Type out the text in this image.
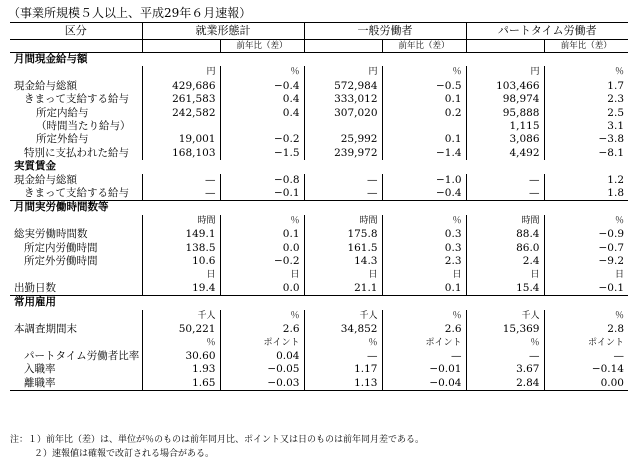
（事業所規模５人以上、平成29年６月速報）
区分	就業形態計		一般労働者		パートタイム労働者	
		前年比（差）		前年比（差）		前年比（差）
月間現金給与額						
	円	％	円	％	円	％
現金給与総額	429,686	−0.4	572,984	−0.5	103,466	1.7
きまって支給する給与	261,583	0.4	333,012	0.1	98,974	2.3
所定内給与	242,582	0.4	307,020	0.2	95,888	2.5
（時間当たり給与）					1,115	3.1
所定外給与	19,001	−0.2	25,992	0.1	3,086	−3.8
特別に支払われた給与	168,103	−1.5	239,972	−1.4	4,492	−8.1
実質賃金						
現金給与総額	—	−0.8	—	−1.0	—	1.2
きまって支給する給与	—	−0.1	—	−0.4	—	1.8
月間実労働時間数等						
	時間	％	時間	％	時間	％
総実労働時間数	149.1	0.1	175.8	0.3	88.4	−0.9
所定内労働時間	138.5	0.0	161.5	0.3	86.0	−0.7
所定外労働時間	10.6	−0.2	14.3	2.3	2.4	−9.2
	日	日	日	日	日	日
出勤日数	19.4	0.0	21.1	0.1	15.4	−0.1
常用雇用						
	千人	％	千人	％	千人	％
本調査期間末	50,221	2.6	34,852	2.6	15,369	2.8
	％	ポイント	％	ポイント	％	ポイント
パートタイム労働者比率	30.60	0.04	—	—	—	—
入職率	1.93	−0.05	1.17	−0.01	3.67	−0.14
離職率	1.65	−0.03	1.13	−0.04	2.84	0.00
注：１）前年比（差）は、単位が％のものは前年同月比、ポイント又は日のものは前年同月差である。
２）速報値は確報で改訂される場合がある。
